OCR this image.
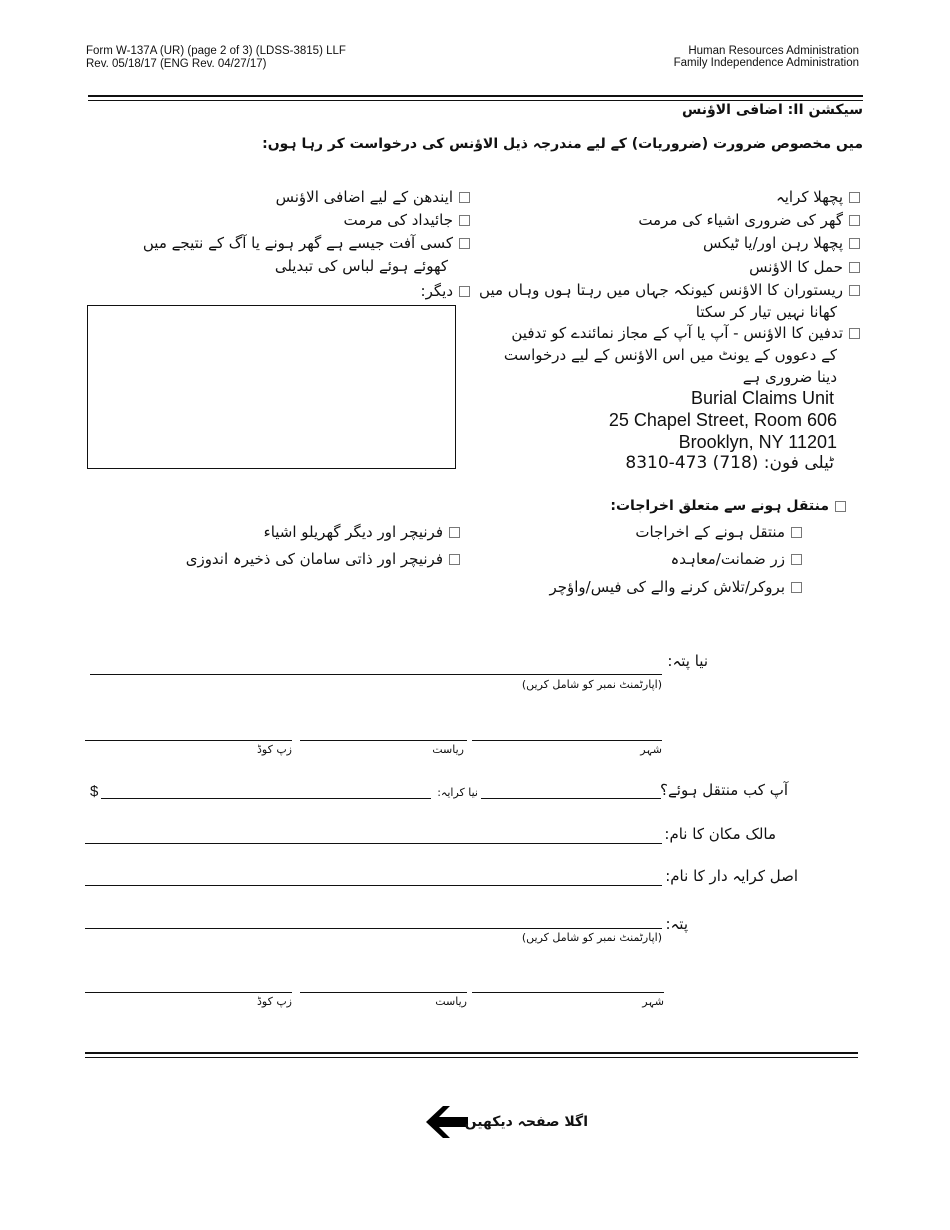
Form W-137A (UR) (page 2 of 3) (LDSS-3815) LLF
Rev. 05/18/17 (ENG Rev. 04/27/17)
Human Resources Administration
Family Independence Administration
سیکشن II: اضافی الاؤنس
میں مخصوص ضرورت (ضروریات) کے لیے مندرجہ ذیل الاؤنس کی درخواست کر رہا ہوں:
پچھلا کرایہ
گھر کی ضروری اشیاء کی مرمت
پچھلا رہن اور/یا ٹیکس
حمل کا الاؤنس
ریستوران کا الاؤنس کیونکہ جہاں میں رہتا ہوں وہاں میں
کھانا نہیں تیار کر سکتا
تدفین کا الاؤنس - آپ یا آپ کے مجاز نمائندے کو تدفین
کے دعووں کے یونٹ میں اس الاؤنس کے لیے درخواست
دینا ضروری ہے
Burial Claims Unit
25 Chapel Street, Room 606
Brooklyn, NY 11201
ٹیلی فون: (718) 473-8310
ایندھن کے لیے اضافی الاؤنس
جائیداد کی مرمت
کسی آفت جیسے ہے گھر ہونے یا آگ کے نتیجے میں
کھوئے ہوئے لباس کی تبدیلی
دیگر:
منتقل ہونے سے متعلق اخراجات:
منتقل ہونے کے اخراجات
زر ضمانت/معاہدہ
بروکر/تلاش کرنے والے کی فیس/واؤچر
فرنیچر اور دیگر گھریلو اشیاء
فرنیچر اور ذاتی سامان کی ذخیرہ اندوزی
نیا پتہ:
(اپارٹمنٹ نمبر کو شامل کریں)
زپ کوڈ	ریاست	شہر
آپ کب منتقل ہوئے؟
نیا کرایہ:
$
مالک مکان کا نام:
اصل کرایہ دار کا نام:
پتہ:
(اپارٹمنٹ نمبر کو شامل کریں)
زپ کوڈ	ریاست	شہر
اگلا صفحہ دیکھیں
